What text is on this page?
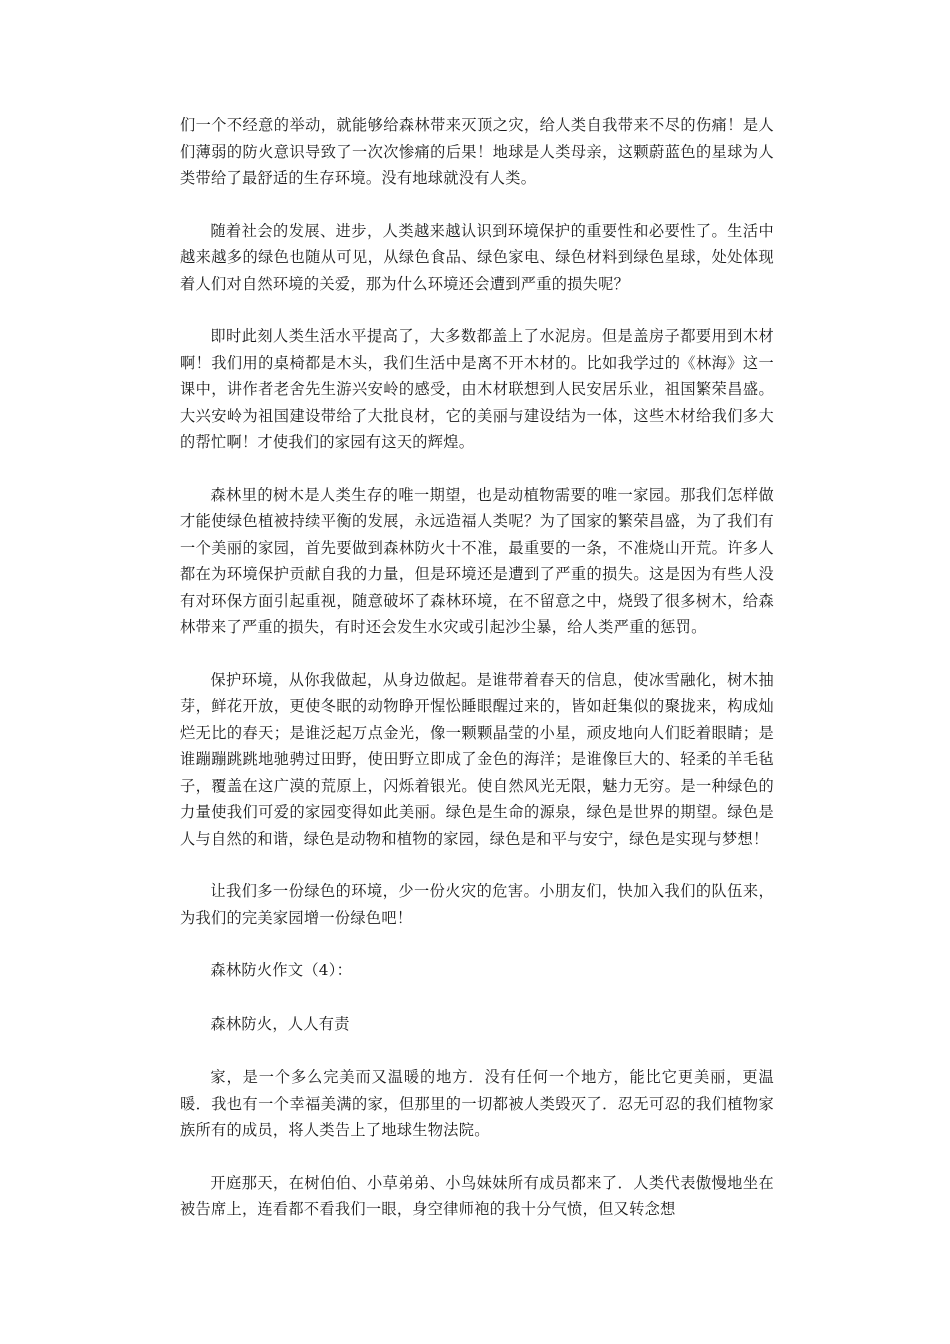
们一个不经意的举动，就能够给森林带来灭顶之灾，给人类自我带来不尽的伤痛！是人们薄弱的防火意识导致了一次次惨痛的后果！地球是人类母亲，这颗蔚蓝色的星球为人类带给了最舒适的生存环境。没有地球就没有人类。

随着社会的发展、进步，人类越来越认识到环境保护的重要性和必要性了。生活中越来越多的绿色也随从可见，从绿色食品、绿色家电、绿色材料到绿色星球，处处体现着人们对自然环境的关爱，那为什么环境还会遭到严重的损失呢？

即时此刻人类生活水平提高了，大多数都盖上了水泥房。但是盖房子都要用到木材啊！我们用的桌椅都是木头，我们生活中是离不开木材的。比如我学过的《林海》这一课中，讲作者老舍先生游兴安岭的感受，由木材联想到人民安居乐业，祖国繁荣昌盛。大兴安岭为祖国建设带给了大批良材，它的美丽与建设结为一体，这些木材给我们多大的帮忙啊！才使我们的家园有这天的辉煌。

森林里的树木是人类生存的唯一期望，也是动植物需要的唯一家园。那我们怎样做才能使绿色植被持续平衡的发展，永远造福人类呢？为了国家的繁荣昌盛，为了我们有一个美丽的家园，首先要做到森林防火十不准，最重要的一条，不准烧山开荒。许多人都在为环境保护贡献自我的力量，但是环境还是遭到了严重的损失。这是因为有些人没有对环保方面引起重视，随意破坏了森林环境，在不留意之中，烧毁了很多树木，给森林带来了严重的损失，有时还会发生水灾或引起沙尘暴，给人类严重的惩罚。

保护环境，从你我做起，从身边做起。是谁带着春天的信息，使冰雪融化，树木抽芽，鲜花开放，更使冬眠的动物睁开惺忪睡眼醒过来的，皆如赶集似的聚拢来，构成灿烂无比的春天；是谁泛起万点金光，像一颗颗晶莹的小星，顽皮地向人们眨着眼睛；是谁蹦蹦跳跳地驰骋过田野，使田野立即成了金色的海洋；是谁像巨大的、轻柔的羊毛毡子，覆盖在这广漠的荒原上，闪烁着银光。使自然风光无限，魅力无穷。是一种绿色的力量使我们可爱的家园变得如此美丽。绿色是生命的源泉，绿色是世界的期望。绿色是人与自然的和谐，绿色是动物和植物的家园，绿色是和平与安宁，绿色是实现与梦想！

让我们多一份绿色的环境，少一份火灾的危害。小朋友们，快加入我们的队伍来，为我们的完美家园增一份绿色吧！

森林防火作文（4）：

森林防火，人人有责

家，是一个多么完美而又温暖的地方．没有任何一个地方，能比它更美丽，更温暖．我也有一个幸福美满的家，但那里的一切都被人类毁灭了．忍无可忍的我们植物家族所有的成员，将人类告上了地球生物法院。

开庭那天，在树伯伯、小草弟弟、小鸟妹妹所有成员都来了．人类代表傲慢地坐在被告席上，连看都不看我们一眼，身空律师袍的我十分气愤，但又转念想
